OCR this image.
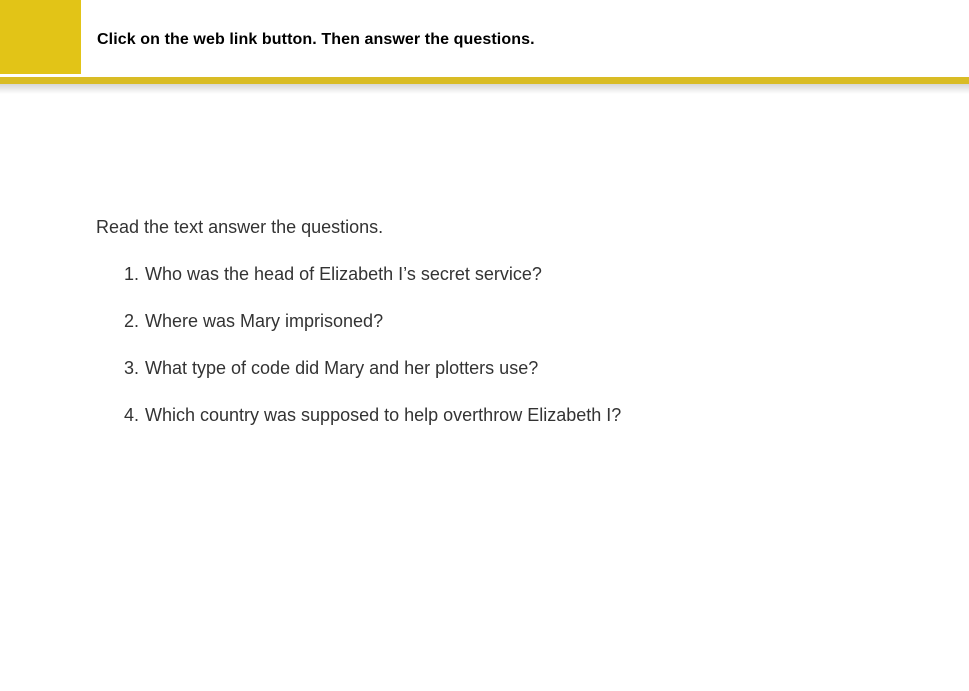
Click on the web link button. Then answer the questions.

Read the text answer the questions.

1. Who was the head of Elizabeth I’s secret service?
2. Where was Mary imprisoned?
3. What type of code did Mary and her plotters use?
4. Which country was supposed to help overthrow Elizabeth I?
